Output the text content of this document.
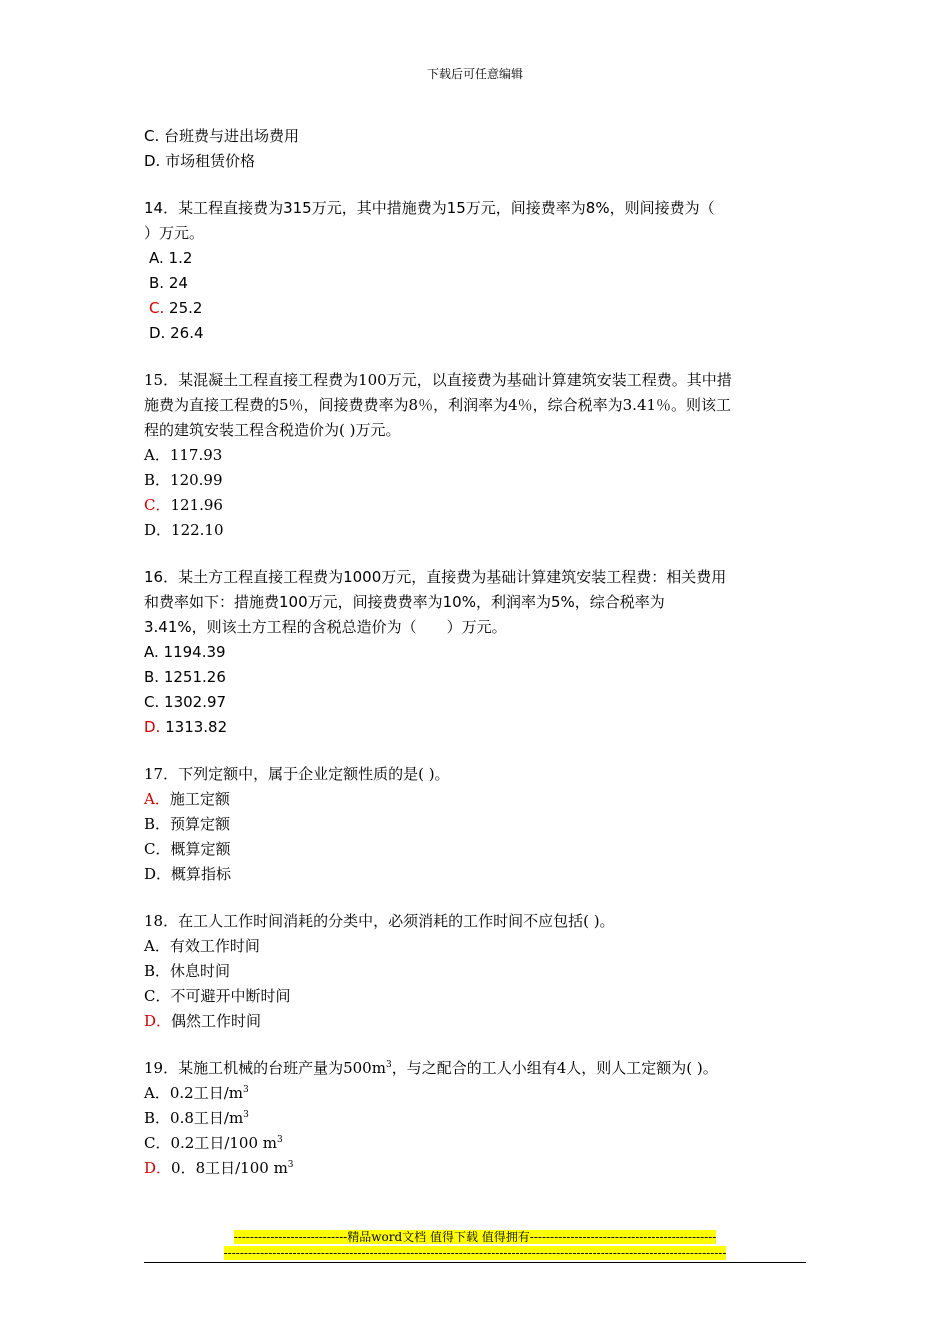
下载后可任意编辑

C. 台班费与进出场费用

D. 市场租赁价格

14．某工程直接费为315万元，其中措施费为15万元，间接费率为8%，则间接费为（

）万元。

A. 1.2

B. 24

C. 25.2

D. 26.4

15．某混凝土工程直接工程费为100万元，以直接费为基础计算建筑安装工程费。其中措

施费为直接工程费的5％，间接费费率为8％，利润率为4％，综合税率为3.41％。则该工

程的建筑安装工程含税造价为( )万元。

A．117.93

B．120.99

C．121.96

D．122.10

16．某土方工程直接工程费为1000万元，直接费为基础计算建筑安装工程费：相关费用

和费率如下：措施费100万元，间接费费率为10%，利润率为5%，综合税率为

3.41%，则该土方工程的含税总造价为（　　）万元。

A. 1194.39

B. 1251.26

C. 1302.97

D. 1313.82

17．下列定额中，属于企业定额性质的是( )。

A．施工定额

B．预算定额

C．概算定额

D．概算指标

18．在工人工作时间消耗的分类中，必须消耗的工作时间不应包括( )。

A．有效工作时间

B．休息时间

C．不可避开中断时间

D．偶然工作时间

19．某施工机械的台班产量为$500m^3$，与之配合的工人小组有4人，则人工定额为( )。

A．0.2工日$/m^3$

B．0.8工日$/m^3$

C．0.2工日/100 $m^3$

D．0．8工日/100 $m^3$

----------------------------精品word文档 值得下载 值得拥有----------------------------------------------
----------------------------------------------------------------------------------------------------------------------------
